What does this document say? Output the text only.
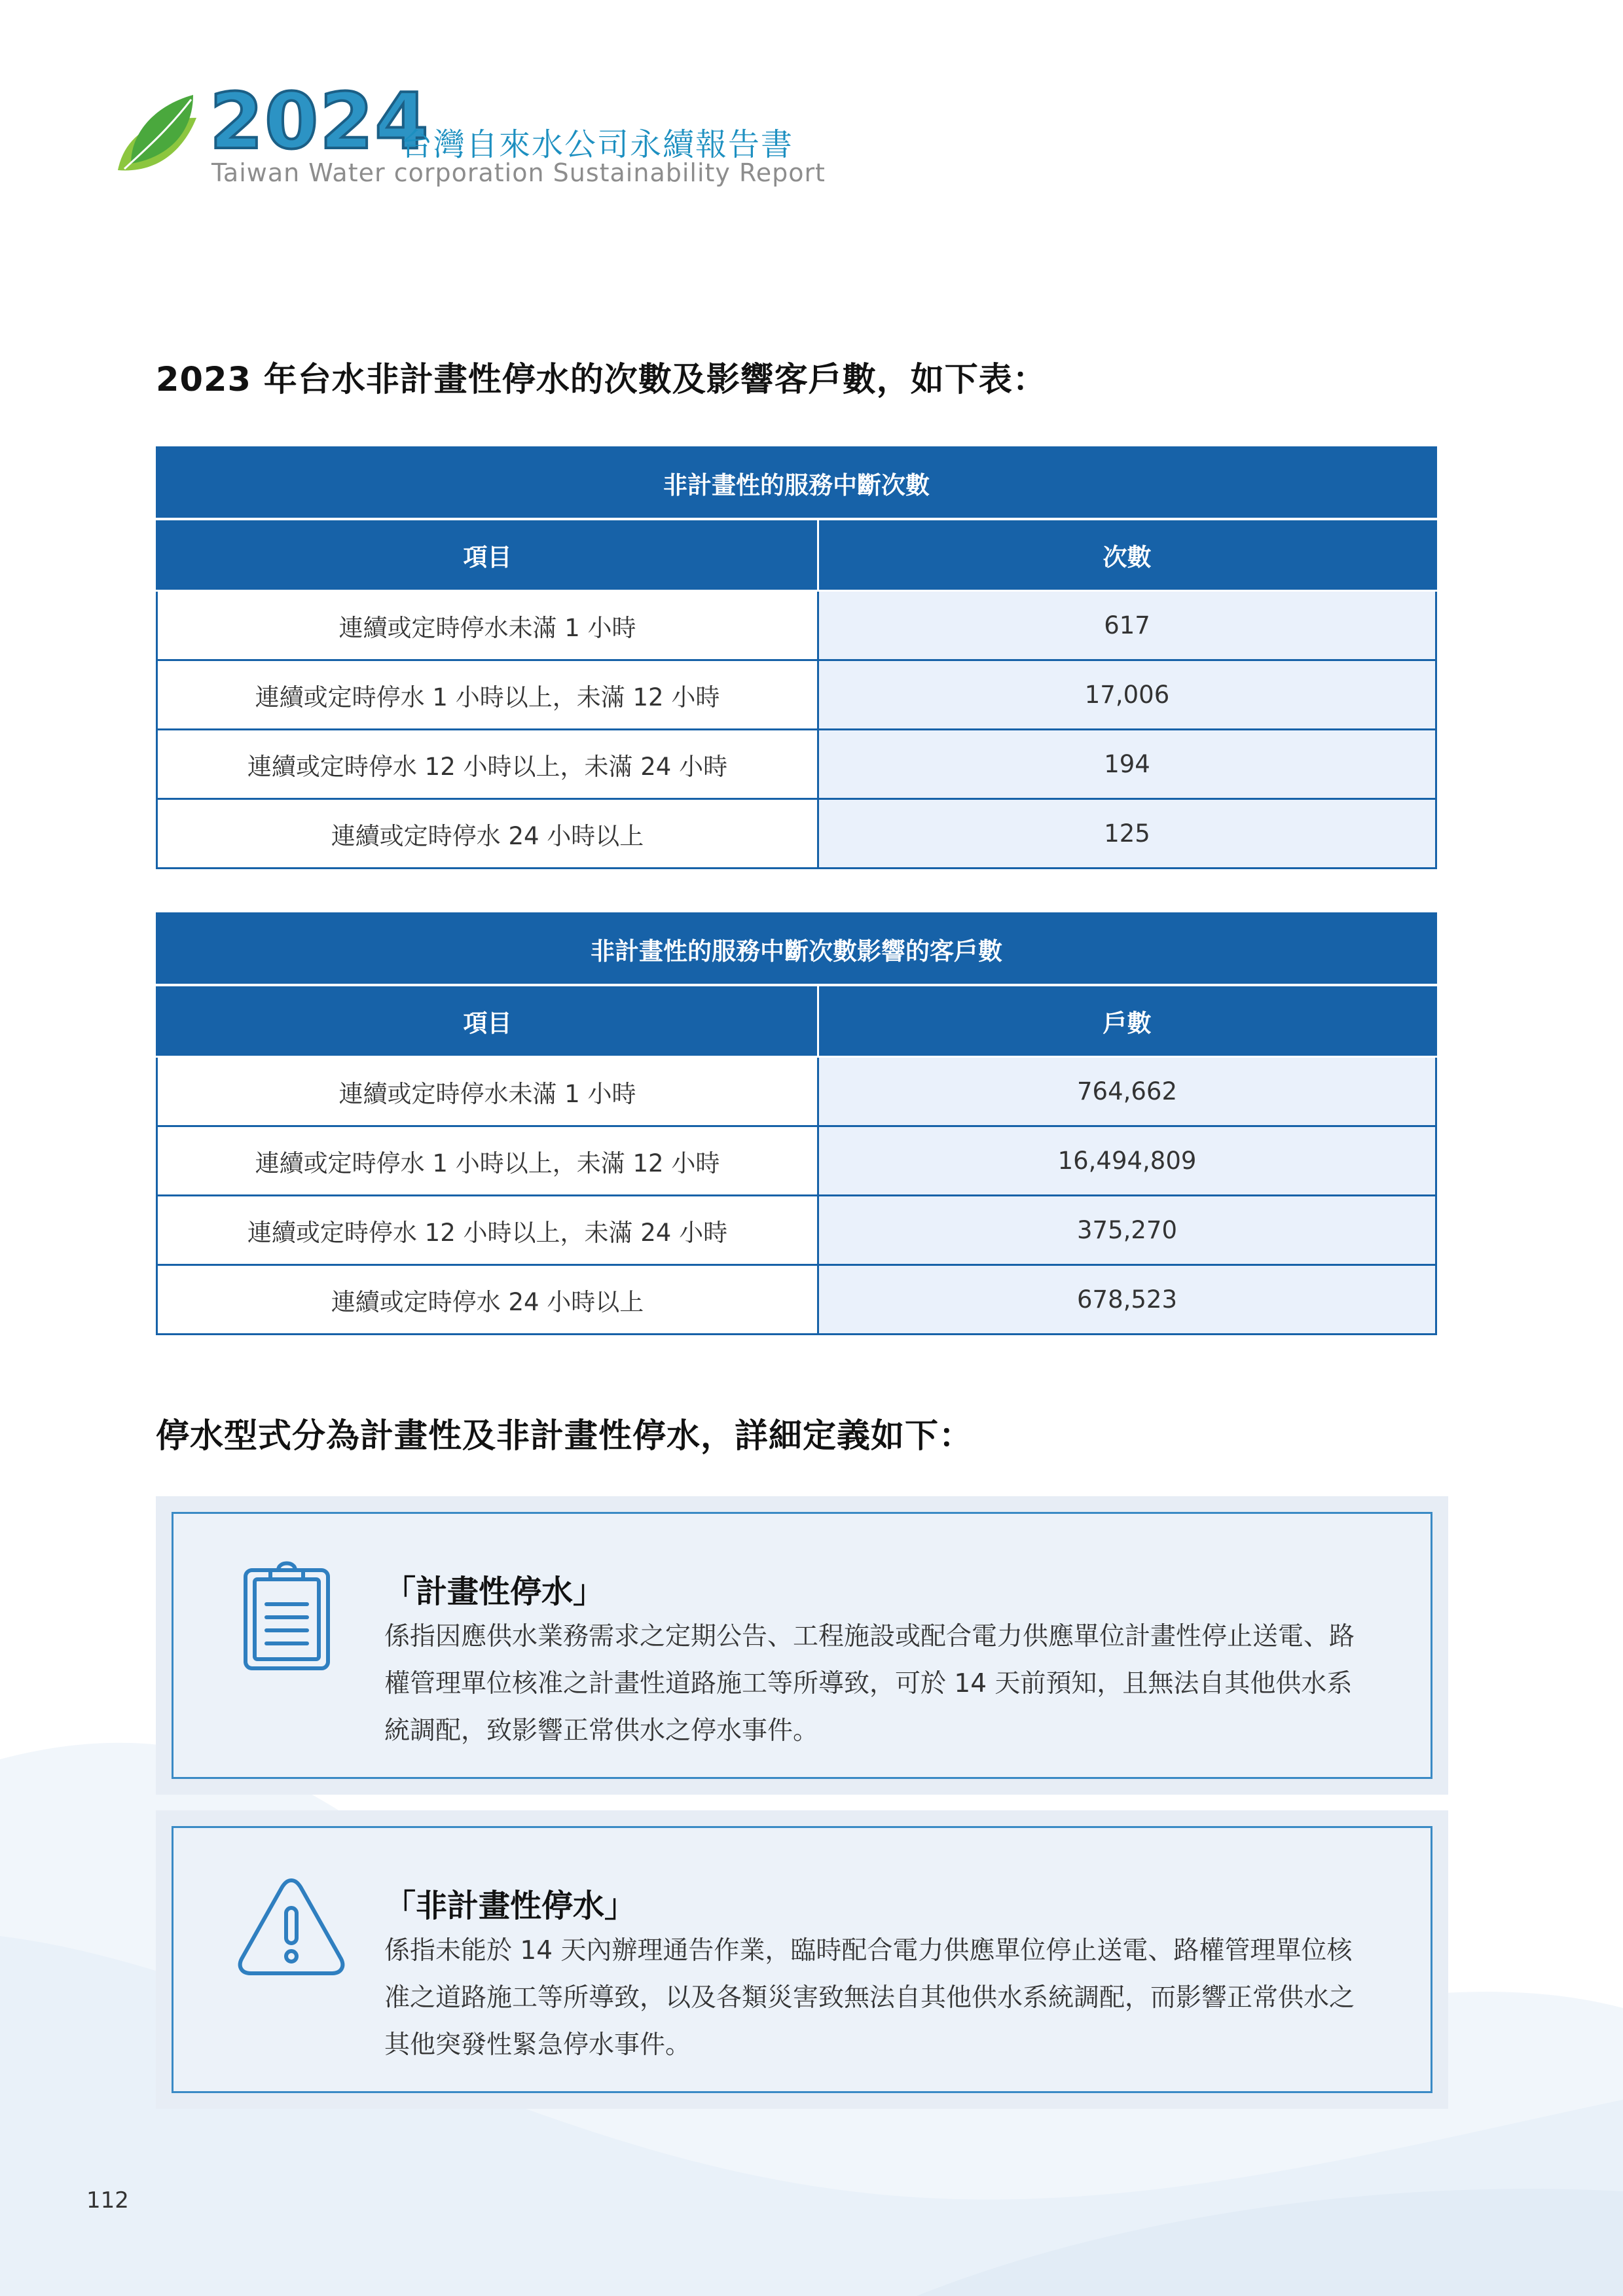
2024
台灣自來水公司永續報告書
Taiwan Water corporation Sustainability Report
2023 年台水非計畫性停水的次數及影響客戶數，如下表：
非計畫性的服務中斷次數	
項目	次數
連續或定時停水未滿 1 小時	617
連續或定時停水 1 小時以上，未滿 12 小時	17,006
連續或定時停水 12 小時以上，未滿 24 小時	194
連續或定時停水 24 小時以上	125
非計畫性的服務中斷次數影響的客戶數	
項目	戶數
連續或定時停水未滿 1 小時	764,662
連續或定時停水 1 小時以上，未滿 12 小時	16,494,809
連續或定時停水 12 小時以上，未滿 24 小時	375,270
連續或定時停水 24 小時以上	678,523
停水型式分為計畫性及非計畫性停水，詳細定義如下：
「計畫性停水」
係指因應供水業務需求之定期公告、工程施設或配合電力供應單位計畫性停止送電、路
權管理單位核准之計畫性道路施工等所導致，可於 14 天前預知，且無法自其他供水系
統調配，致影響正常供水之停水事件。
「非計畫性停水」
係指未能於 14 天內辦理通告作業，臨時配合電力供應單位停止送電、路權管理單位核
准之道路施工等所導致，以及各類災害致無法自其他供水系統調配，而影響正常供水之
其他突發性緊急停水事件。
112
